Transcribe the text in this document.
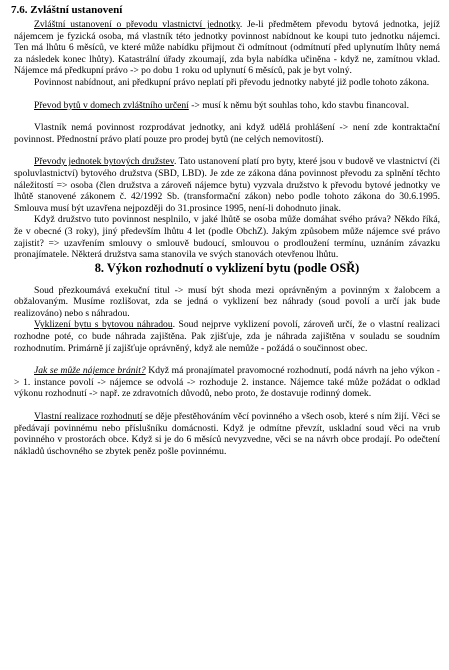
7.6. Zvláštní ustanovení

Zvláštní ustanovení o převodu vlastnictví jednotky. Je-li předmětem převodu bytová jednotka, jejíž nájemcem je fyzická osoba, má vlastník této jednotky povinnost nabídnout ke koupi tuto jednotku nájemci. Ten má lhůtu 6 měsíců, ve které může nabídku přijmout či odmítnout (odmítnutí před uplynutím lhůty nemá za následek konec lhůty). Katastrální úřady zkoumají, zda byla nabídka učiněna - když ne, zamítnou vklad. Nájemce má předkupní právo -> po dobu 1 roku od uplynutí 6 měsíců, pak je byt volný.

Povinnost nabídnout, ani předkupní právo neplatí při převodu jednotky nabyté již podle tohoto zákona.

Převod bytů v domech zvláštního určení -> musí k němu být souhlas toho, kdo stavbu financoval.

Vlastník nemá povinnost rozprodávat jednotky, ani když udělá prohlášení -> není zde kontraktační povinnost. Přednostní právo platí pouze pro prodej bytů (ne celých nemovitostí).

Převody jednotek bytových družstev. Tato ustanovení platí pro byty, které jsou v budově ve vlastnictví (či spoluvlastnictví) bytového družstva (SBD, LBD). Je zde ze zákona dána povinnost převodu za splnění těchto náležitostí => osoba (člen družstva a zároveň nájemce bytu) vyzvala družstvo k převodu bytové jednotky ve lhůtě stanovené zákonem č. 42/1992 Sb. (transformační zákon) nebo podle tohoto zákona do 30.6.1995. Smlouva musí být uzavřena nejpozději do 31.prosince 1995, není-li dohodnuto jinak.

Když družstvo tuto povinnost nesplnilo, v jaké lhůtě se osoba může domáhat svého práva? Někdo říká, že v obecné (3 roky), jiný především lhůtu 4 let (podle ObchZ). Jakým způsobem může nájemce své právo zajistit? => uzavřením smlouvy o smlouvě budoucí, smlouvou o prodloužení termínu, uznáním závazku pronajímatele. Některá družstva sama stanovila ve svých stanovách otevřenou lhůtu.

8. Výkon rozhodnutí o vyklizení bytu (podle OSŘ)

Soud přezkoumává exekuční titul -> musí být shoda mezi oprávněným a povinným x žalobcem a obžalovaným. Musíme rozlišovat, zda se jedná o vyklizení bez náhrady (soud povolí a určí jak bude realizováno) nebo s náhradou.

Vyklizení bytu s bytovou náhradou. Soud nejprve vyklizení povolí, zároveň určí, že o vlastní realizaci rozhodne poté, co bude náhrada zajištěna. Pak zjišťuje, zda je náhrada zajištěna v souladu se soudním rozhodnutím. Primárně jí zajišťuje oprávněný, když ale nemůže - požádá o součinnost obec.

Jak se může nájemce bránit? Když má pronajímatel pravomocné rozhodnutí, podá návrh na jeho výkon -> 1. instance povolí -> nájemce se odvolá -> rozhoduje 2. instance. Nájemce také může požádat o odklad výkonu rozhodnutí -> např. ze zdravotních důvodů, nebo proto, že dostavuje rodinný domek.

Vlastní realizace rozhodnutí se děje přestěhováním věcí povinného a všech osob, které s ním žijí. Věci se předávají povinnému nebo příslušníku domácnosti. Když je odmítne převzít, uskladní soud věci na vrub povinného v prostorách obce. Když si je do 6 měsíců nevyzvedne, věci se na návrh obce prodají. Po odečtení nákladů úschovného se zbytek peněz pošle povinnému.
